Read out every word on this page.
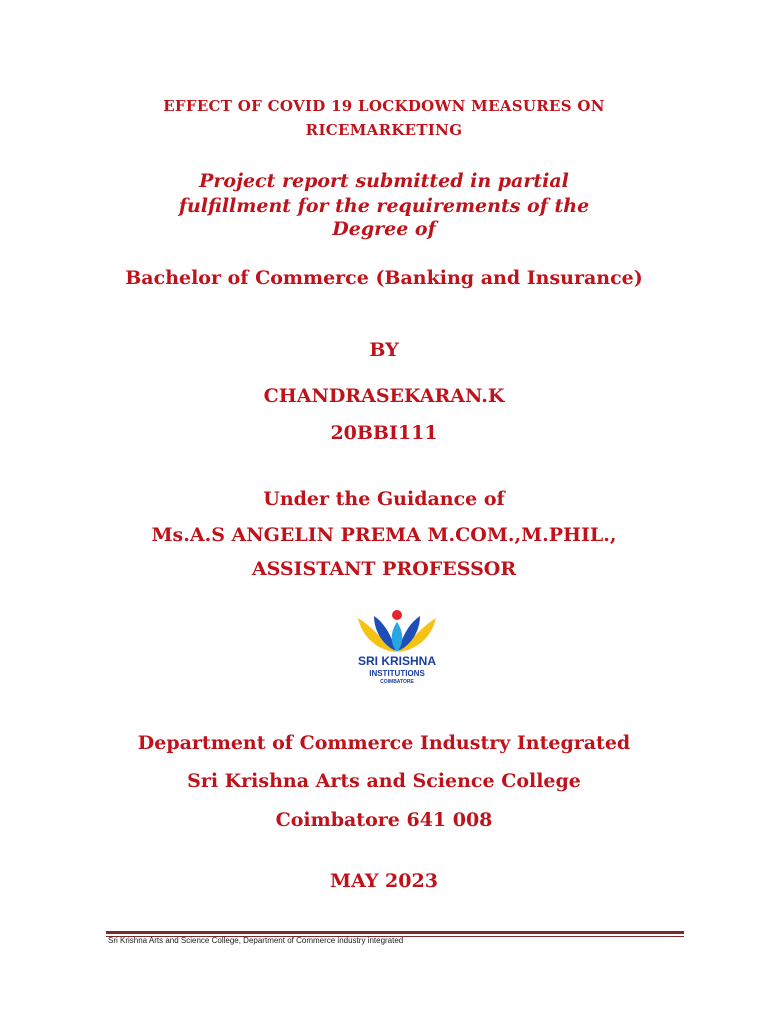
EFFECT OF COVID 19 LOCKDOWN MEASURES ON
RICEMARKETING
Project report submitted in partial
fulfillment for the requirements of the
Degree of
Bachelor of Commerce (Banking and Insurance)
BY
CHANDRASEKARAN.K
20BBI111
Under the Guidance of
Ms.A.S ANGELIN PREMA M.COM.,M.PHIL.,
ASSISTANT PROFESSOR
SRI KRISHNA
INSTITUTIONS
COIMBATORE
Department of Commerce Industry Integrated
Sri Krishna Arts and Science College
Coimbatore 641 008
MAY 2023
Sri Krishna Arts and Science College, Department of Commerce industry integrated
